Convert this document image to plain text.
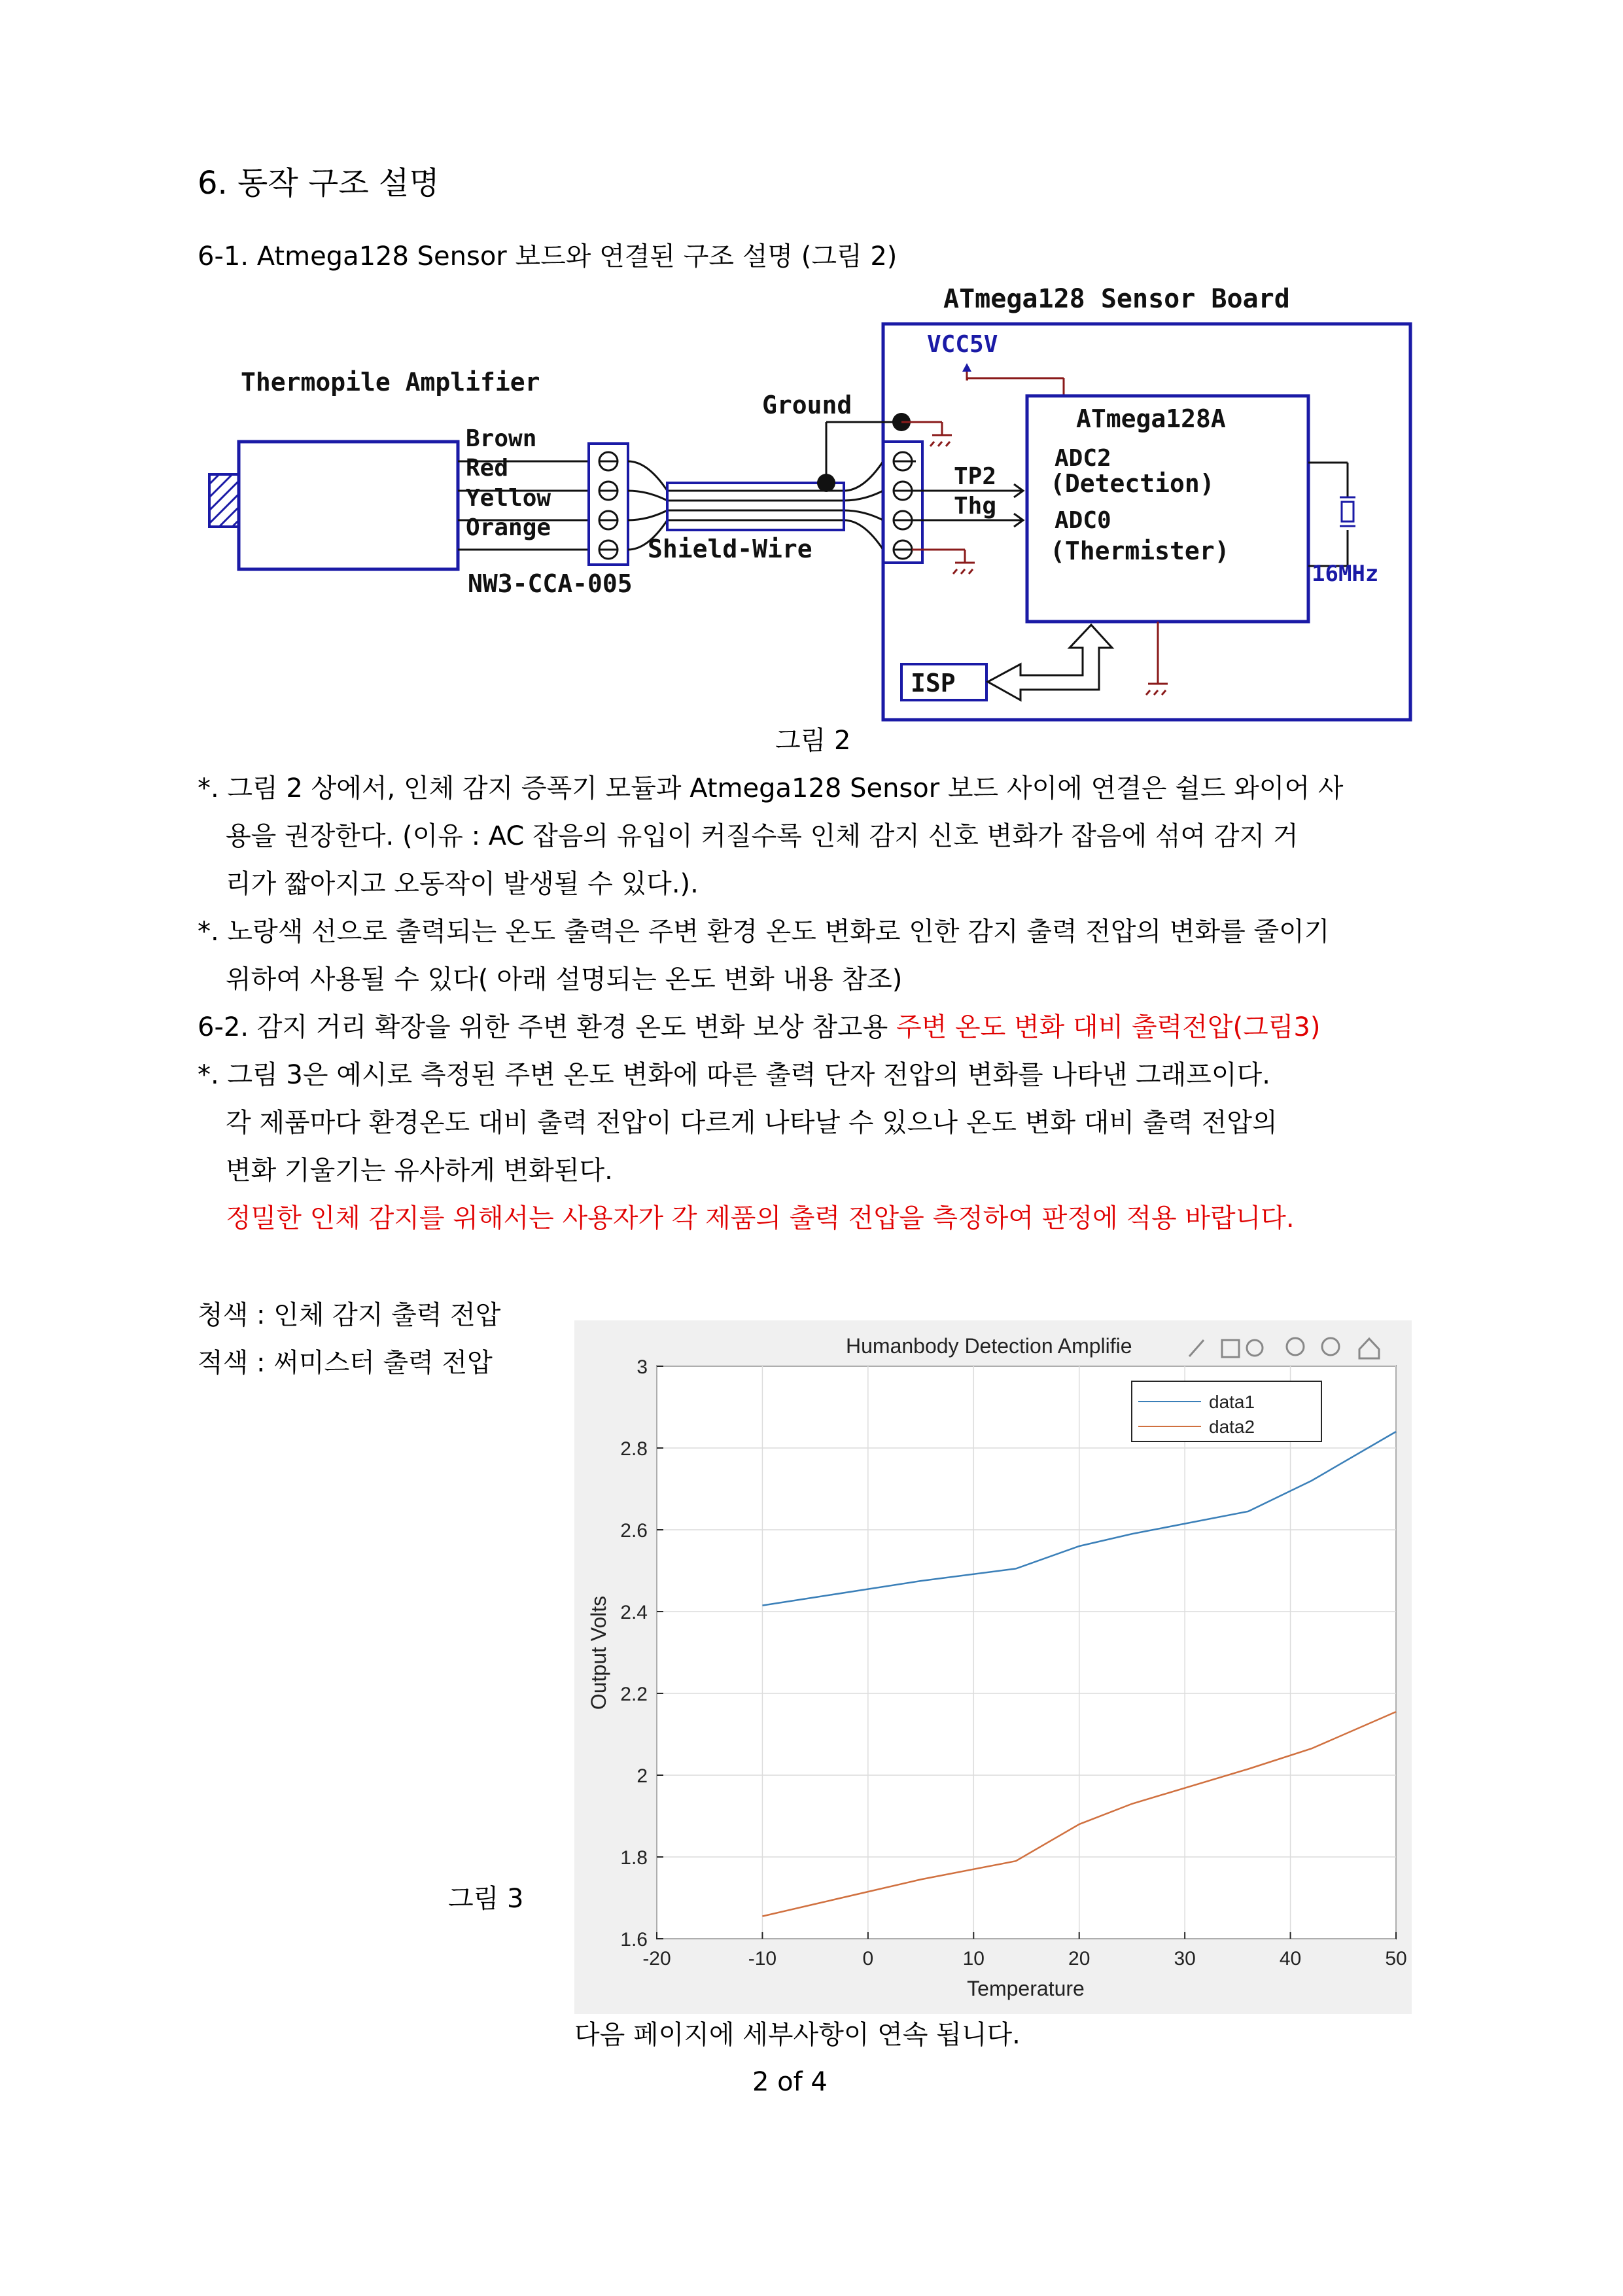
6. 동작 구조 설명
6-1. Atmega128 Sensor 보드와 연결된 구조 설명 (그림 2)
ATmega128 Sensor Board
VCC5V
Thermopile Amplifier
Brown
Red
Yellow
Orange
Shield-Wire
NW3-CCA-005
Ground
TP2
Thg
ATmega128A
ADC2
(Detection)
ADC0
(Thermister)
16MHz
ISP
그림 2
*. 그림 2 상에서, 인체 감지 증폭기 모듈과 Atmega128 Sensor 보드 사이에 연결은 쉴드 와이어 사
용을 권장한다. (이유 : AC 잡음의 유입이 커질수록 인체 감지 신호 변화가 잡음에 섞여 감지 거
리가 짧아지고 오동작이 발생될 수 있다.).
*. 노랑색 선으로 출력되는 온도 출력은 주변 환경 온도 변화로 인한 감지 출력 전압의 변화를 줄이기
위하여 사용될 수 있다( 아래 설명되는 온도 변화 내용 참조)
6-2. 감지 거리 확장을 위한 주변 환경 온도 변화 보상 참고용 주변 온도 변화 대비 출력전압(그림3)
*. 그림 3은 예시로 측정된 주변 온도 변화에 따른 출력 단자 전압의 변화를 나타낸 그래프이다.
각 제품마다 환경온도 대비 출력 전압이 다르게 나타날 수 있으나 온도 변화 대비 출력 전압의
변화 기울기는 유사하게 변화된다.
정밀한 인체 감지를 위해서는 사용자가 각 제품의 출력 전압을 측정하여 판정에 적용 바랍니다.
청색 : 인체 감지 출력 전압
적색 : 써미스터 출력 전압
그림 3
Humanbody Detection Amplifie
-20	-10	0	10	20	30	40	50
1.6
1.8
2
2.2
2.4
2.6
2.8
3
data1
data2
Temperature
Output Volts
다음 페이지에 세부사항이 연속 됩니다.
2 of 4
